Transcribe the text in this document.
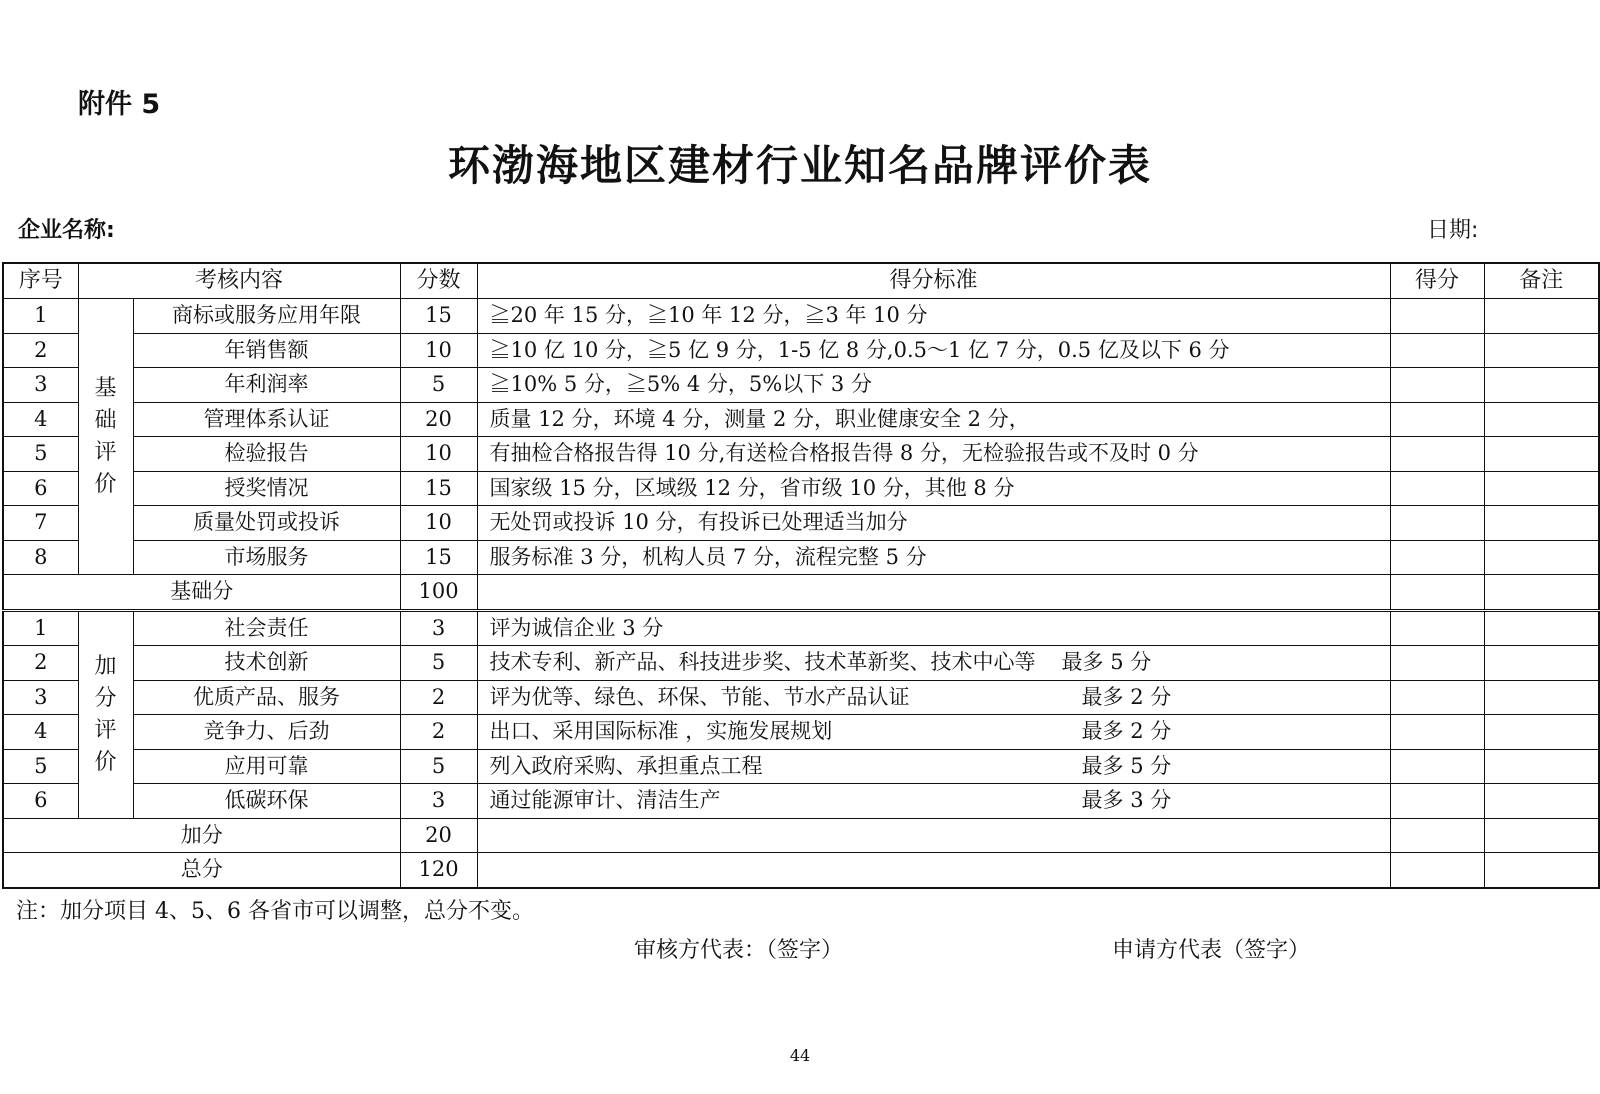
附件 5
环渤海地区建材行业知名品牌评价表
企业名称:	日期:
序号	考核内容		分数	得分标准	得分	备注
1	基础评价	商标或服务应用年限	15	≧20 年 15 分，≧10 年 12 分，≧3 年 10 分		

2		年销售额	10	≧10 亿 10 分，≧5 亿 9 分，1-5 亿 8 分,0.5～1 亿 7 分，0.5 亿及以下 6 分		

3		年利润率	5	≧10% 5 分，≧5% 4 分，5%以下 3 分		

4		管理体系认证	20	质量 12 分，环境 4 分，测量 2 分，职业健康安全 2 分，		

5		检验报告	10	有抽检合格报告得 10 分,有送检合格报告得 8 分，无检验报告或不及时 0 分		

6		授奖情况	15	国家级 15 分，区域级 12 分，省市级 10 分，其他 8 分		

7		质量处罚或投诉	10	无处罚或投诉 10 分，有投诉已处理适当加分		

8		市场服务	15	服务标准 3 分，机构人员 7 分，流程完整 5 分		

基础分			100			
1	加分评价	社会责任	3	评为诚信企业 3 分		

2		技术创新	5	技术专利、新产品、科技进步奖、技术革新奖、技术中心等 最多 5 分		

3		优质产品、服务	2	评为优等、绿色、环保、节能、节水产品认证 最多 2 分		

4		竞争力、后劲	2	出口、采用国际标准 ，实施发展规划 最多 2 分		

5		应用可靠	5	列入政府采购、承担重点工程 最多 5 分		

6		低碳环保	3	通过能源审计、清洁生产 最多 3 分		

加分			20			
总分			120			
注：加分项目 4、5、6 各省市可以调整，总分不变。
审核方代表：（签字）	申请方代表（签字）
44
